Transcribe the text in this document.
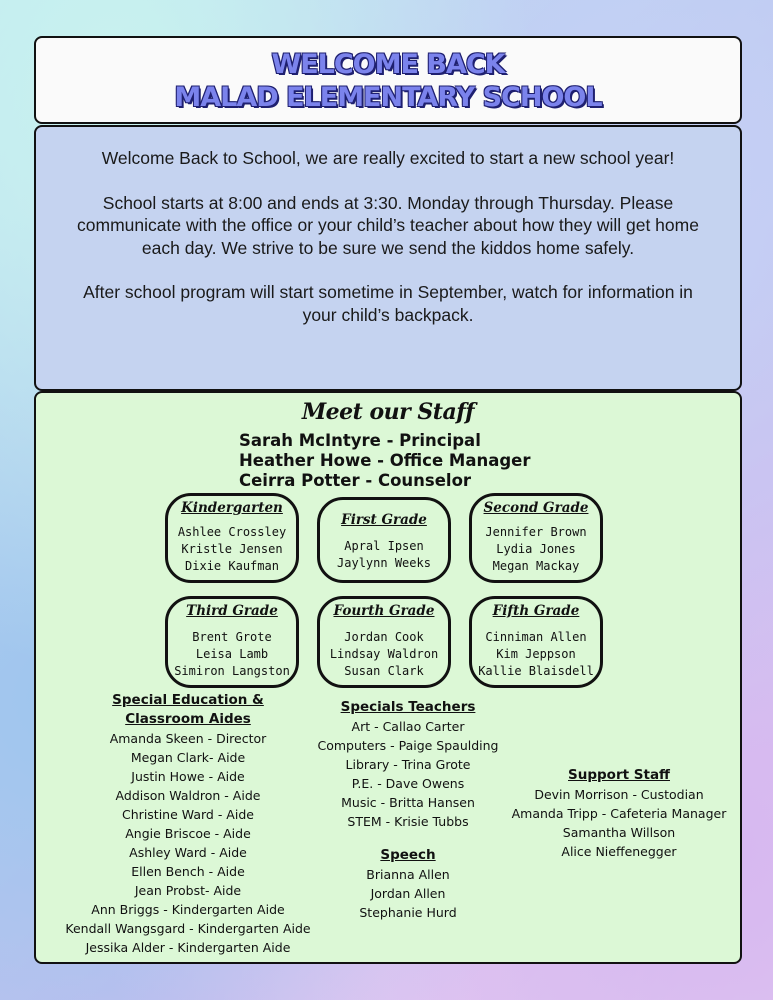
WELCOME BACK
MALAD ELEMENTARY SCHOOL

Welcome Back to School, we are really excited to start a new school year!

School starts at 8:00 and ends at 3:30. Monday through Thursday. Please communicate with the office or your child’s teacher about how they will get home each day. We strive to be sure we send the kiddos home safely.

After school program will start sometime in September, watch for information in your child’s backpack.

Meet our Staff
Sarah McIntyre - Principal
Heather Howe - Office Manager
Ceirra Potter - Counselor
Kindergarten
Ashlee Crossley
Kristle Jensen
Dixie Kaufman
First Grade
Apral Ipsen
Jaylynn Weeks
Second Grade
Jennifer Brown
Lydia Jones
Megan Mackay
Third Grade
Brent Grote
Leisa Lamb
Simiron Langston
Fourth Grade
Jordan Cook
Lindsay Waldron
Susan Clark
Fifth Grade
Cinniman Allen
Kim Jeppson
Kallie Blaisdell
Special Education &
Classroom Aides
Amanda Skeen - Director
Megan Clark- Aide
Justin Howe - Aide
Addison Waldron - Aide
Christine Ward - Aide
Angie Briscoe - Aide
Ashley Ward - Aide
Ellen Bench - Aide
Jean Probst- Aide
Ann Briggs - Kindergarten Aide
Kendall Wangsgard - Kindergarten Aide
Jessika Alder - Kindergarten Aide
Specials Teachers
Art - Callao Carter
Computers - Paige Spaulding
Library - Trina Grote
P.E. - Dave Owens
Music - Britta Hansen
STEM - Krisie Tubbs
Speech
Brianna Allen
Jordan Allen
Stephanie Hurd
Support Staff
Devin Morrison - Custodian
Amanda Tripp - Cafeteria Manager
Samantha Willson
Alice Nieffenegger
